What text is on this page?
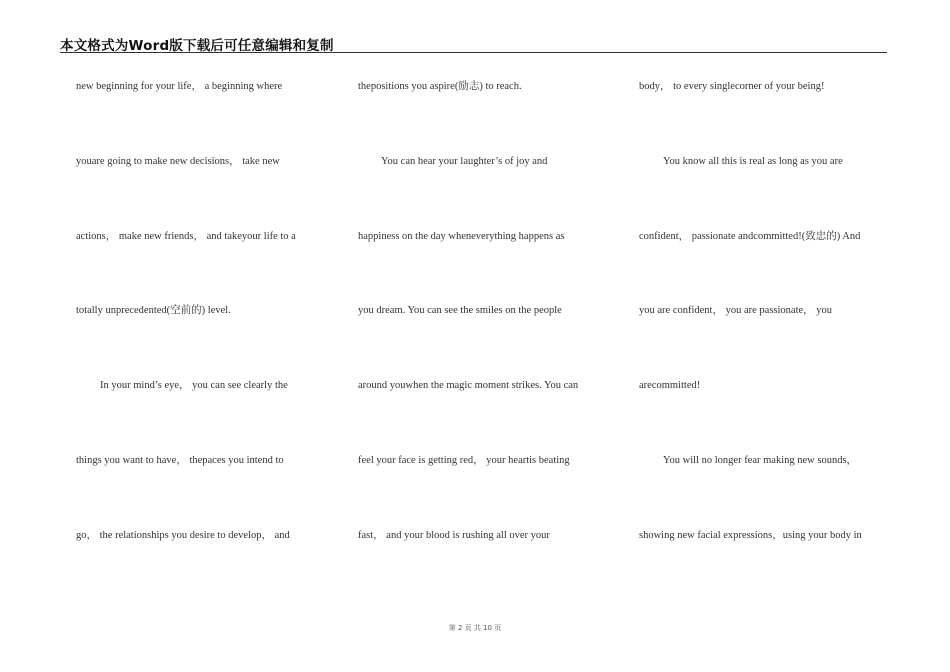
本文格式为Word版下载后可任意编辑和复制
new beginning for your life， a beginning where
youare going to make new decisions， take new
actions， make new friends， and takeyour life to a
totally unprecedented(空前的) level.
In your mind’s eye， you can see clearly the
things you want to have， thepaces you intend to
go， the relationships you desire to develop， and
thepositions you aspire(励志) to reach.
You can hear your laughter’s of joy and
happiness on the day wheneverything happens as
you dream. You can see the smiles on the people
around youwhen the magic moment strikes. You can
feel your face is getting red， your heartis beating
fast， and your blood is rushing all over your
body， to every singlecorner of your being!
You know all this is real as long as you are
confident， passionate andcommitted!(致忠的) And
you are confident， you are passionate， you
arecommitted!
You will no longer fear making new sounds，
showing new facial expressions，using your body in
第 2 页 共 10 页
